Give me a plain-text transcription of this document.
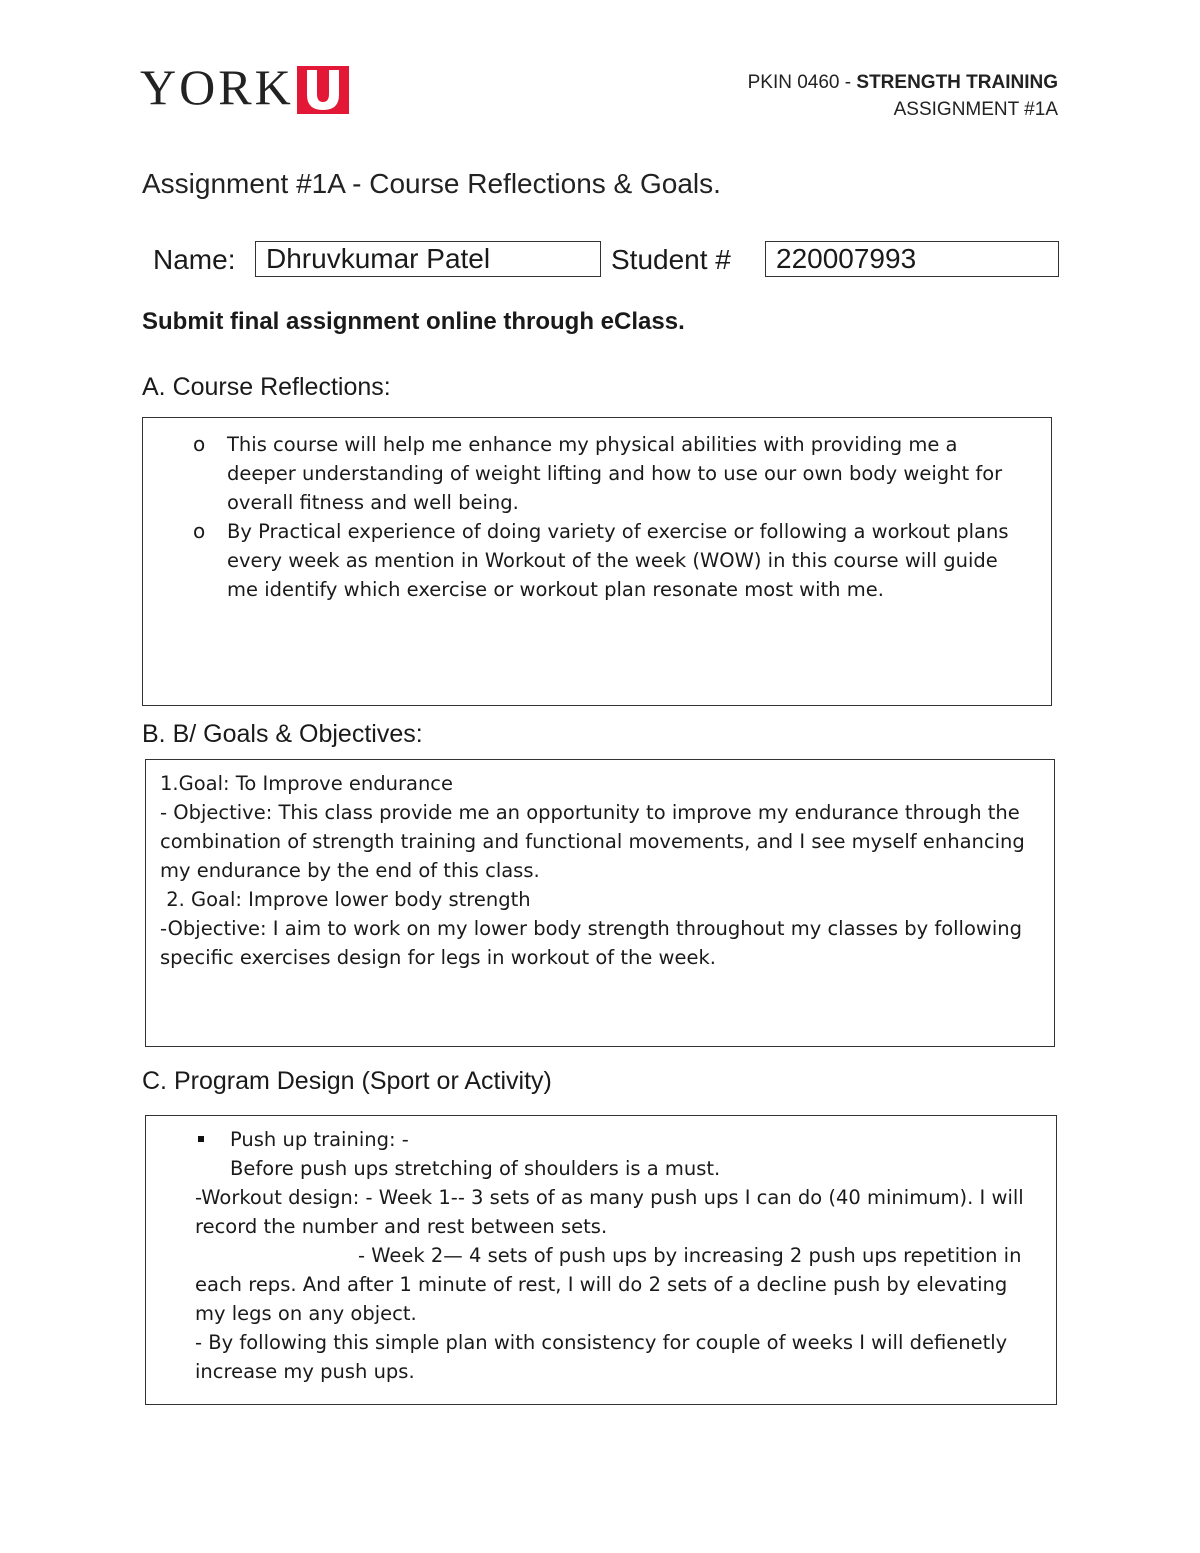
YORK	U
PKIN 0460 - STRENGTH TRAINING
ASSIGNMENT #1A
Assignment #1A - Course Reflections & Goals.
Name:	Dhruvkumar Patel	Student #	220007993
Submit final assignment online through eClass.
A. Course Reflections:
o This course will help me enhance my physical abilities with providing me a deeper understanding of weight lifting and how to use our own body weight for overall fitness and well being.
o By Practical experience of doing variety of exercise or following a workout plans every week as mention in Workout of the week (WOW) in this course will guide me identify which exercise or workout plan resonate most with me.
B. B/ Goals & Objectives:
1.Goal: To Improve endurance
- Objective: This class provide me an opportunity to improve my endurance through the combination of strength training and functional movements, and I see myself enhancing my endurance by the end of this class.
2. Goal: Improve lower body strength
-Objective: I aim to work on my lower body strength throughout my classes by following specific exercises design for legs in workout of the week.
C. Program Design (Sport or Activity)
Push up training: -
Before push ups stretching of shoulders is a must.
-Workout design: - Week 1-- 3 sets of as many push ups I can do (40 minimum). I will record the number and rest between sets.
- Week 2— 4 sets of push ups by increasing 2 push ups repetition in
each reps. And after 1 minute of rest, I will do 2 sets of a decline push by elevating my legs on any object.
- By following this simple plan with consistency for couple of weeks I will defienetly increase my push ups.
